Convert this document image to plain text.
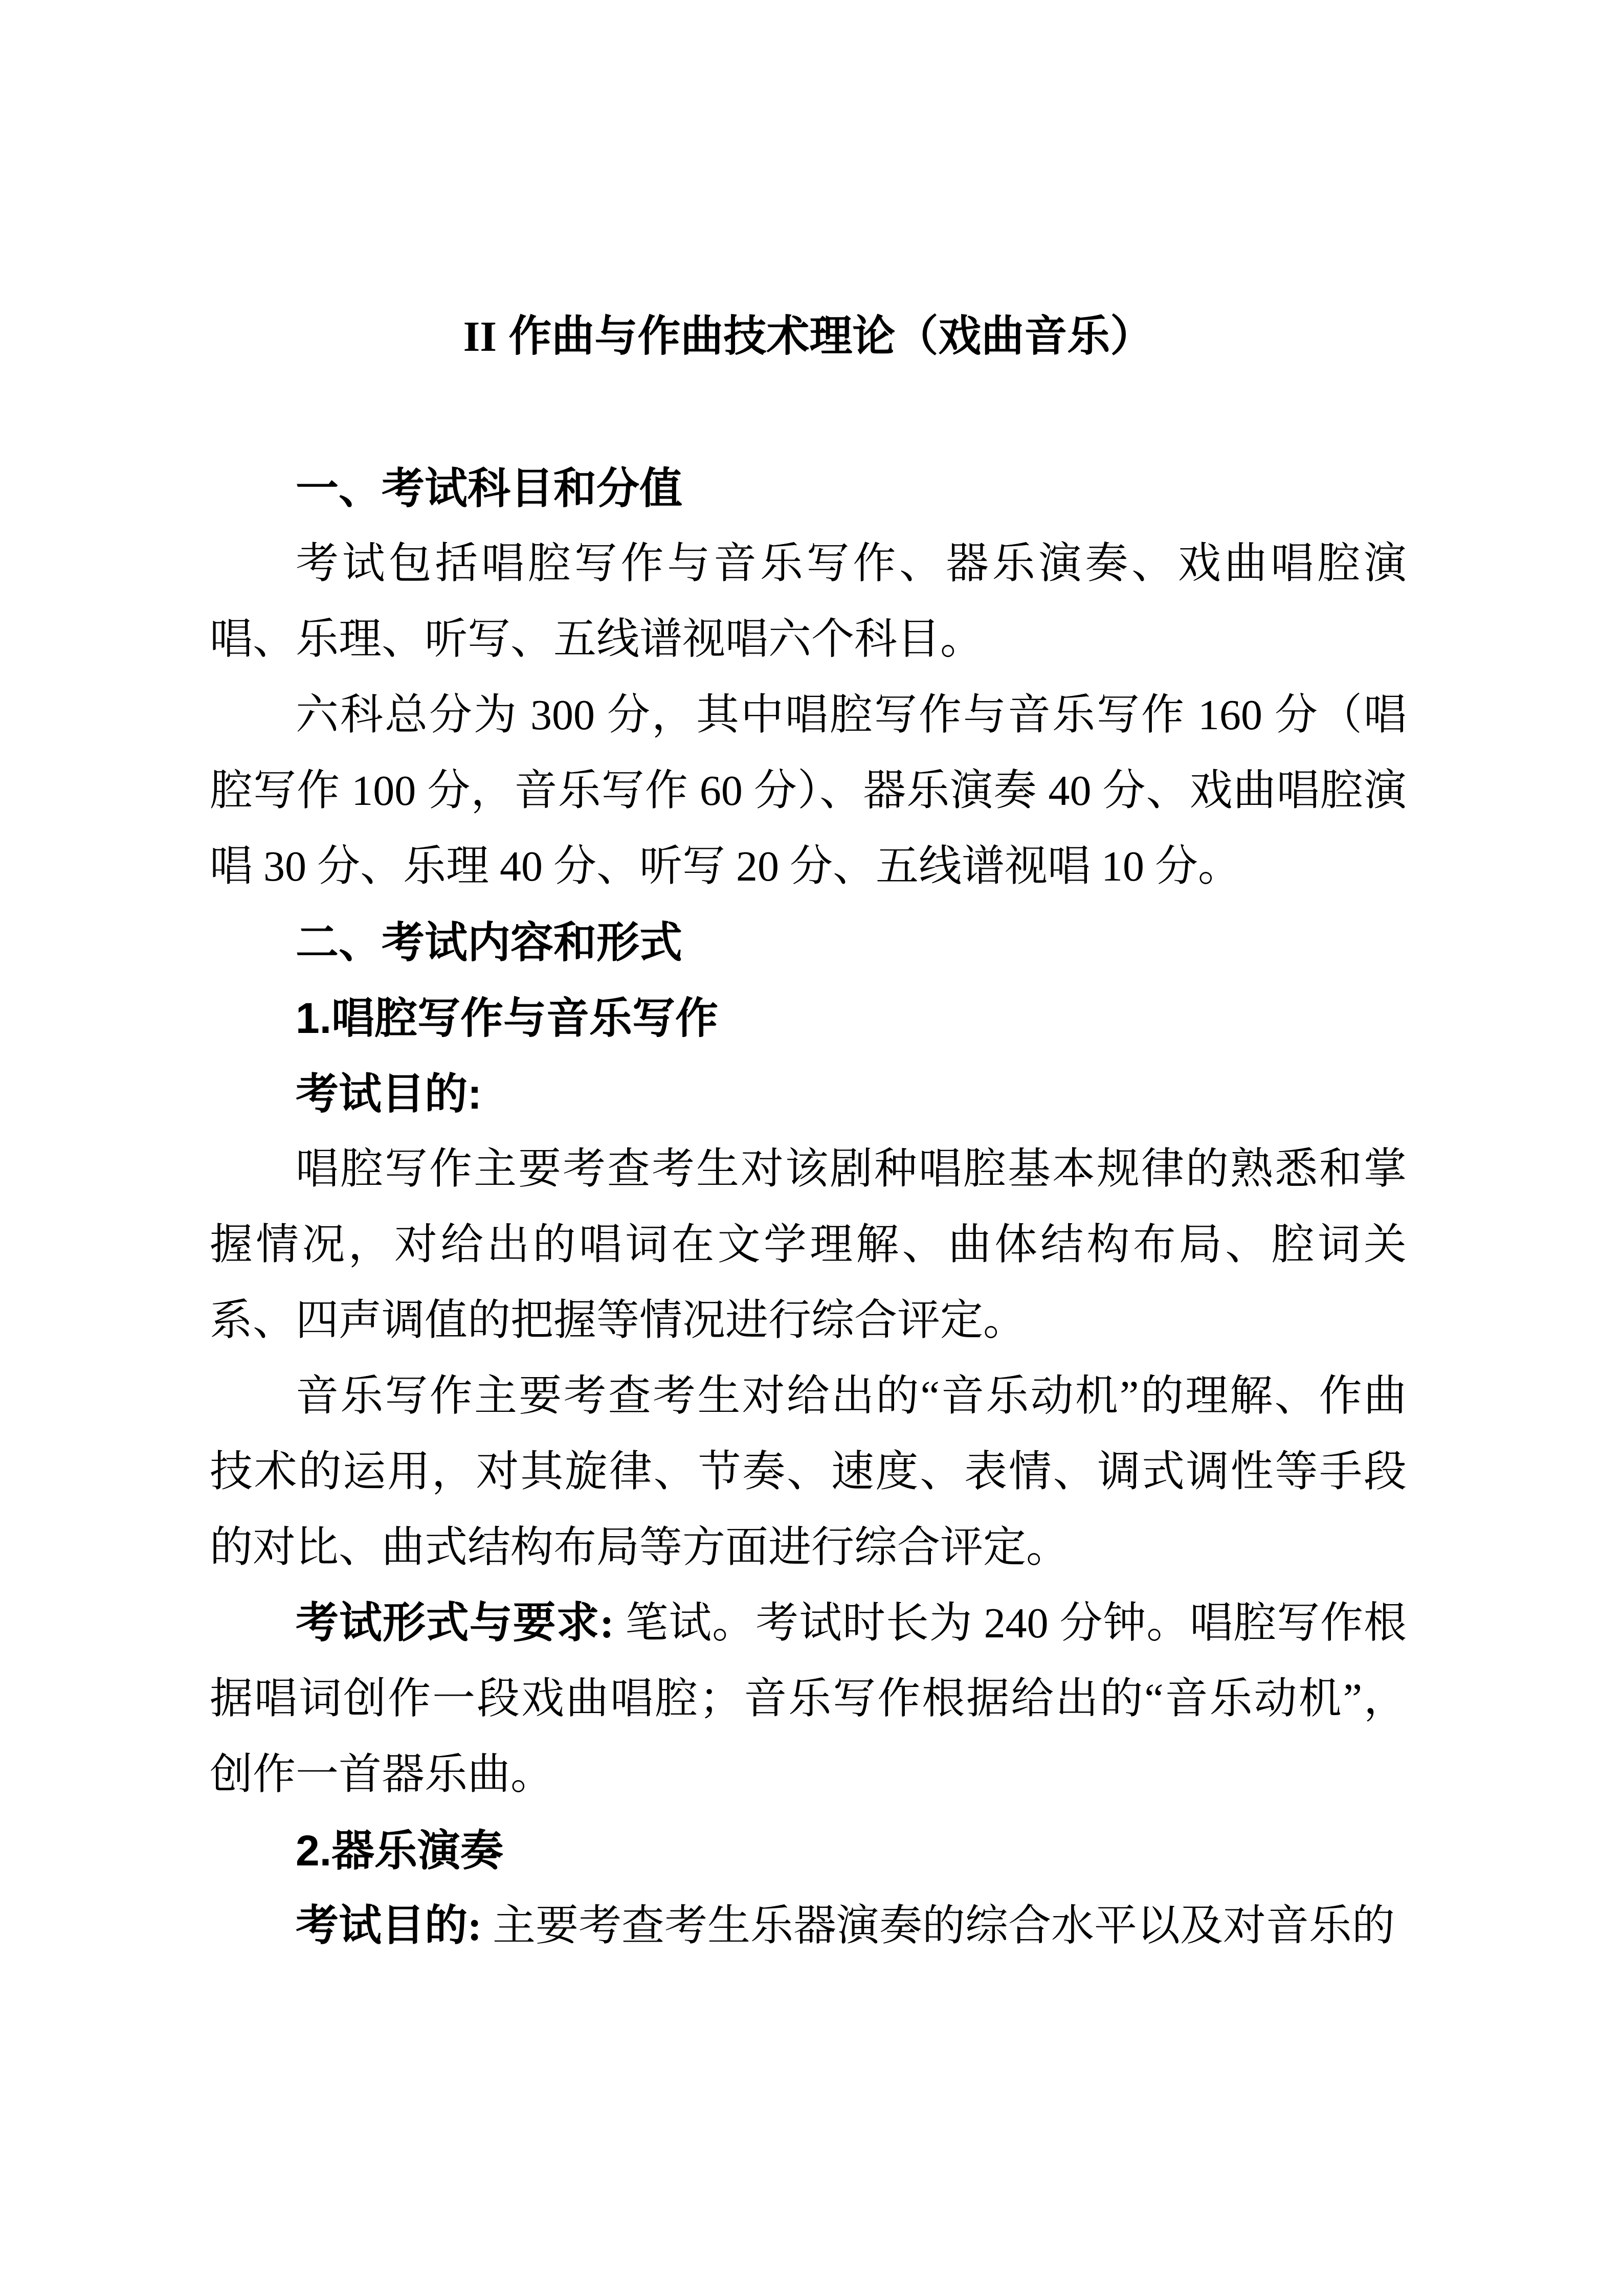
II 作曲与作曲技术理论（戏曲音乐）

一、考试科目和分值

考试包括唱腔写作与音乐写作、器乐演奏、戏曲唱腔演唱、乐理、听写、五线谱视唱六个科目。

六科总分为 300 分，其中唱腔写作与音乐写作 160 分（唱腔写作 100 分，音乐写作 60 分）、器乐演奏 40 分、戏曲唱腔演唱 30 分、乐理 40 分、听写 20 分、五线谱视唱 10 分。

二、考试内容和形式

1.唱腔写作与音乐写作

考试目的:

唱腔写作主要考查考生对该剧种唱腔基本规律的熟悉和掌握情况，对给出的唱词在文学理解、曲体结构布局、腔词关系、四声调值的把握等情况进行综合评定。

音乐写作主要考查考生对给出的“音乐动机”的理解、作曲技术的运用，对其旋律、节奏、速度、表情、调式调性等手段的对比、曲式结构布局等方面进行综合评定。

考试形式与要求: 笔试。考试时长为 240 分钟。唱腔写作根据唱词创作一段戏曲唱腔；音乐写作根据给出的“音乐动机”，创作一首器乐曲。

2.器乐演奏

考试目的: 主要考查考生乐器演奏的综合水平以及对音乐的
